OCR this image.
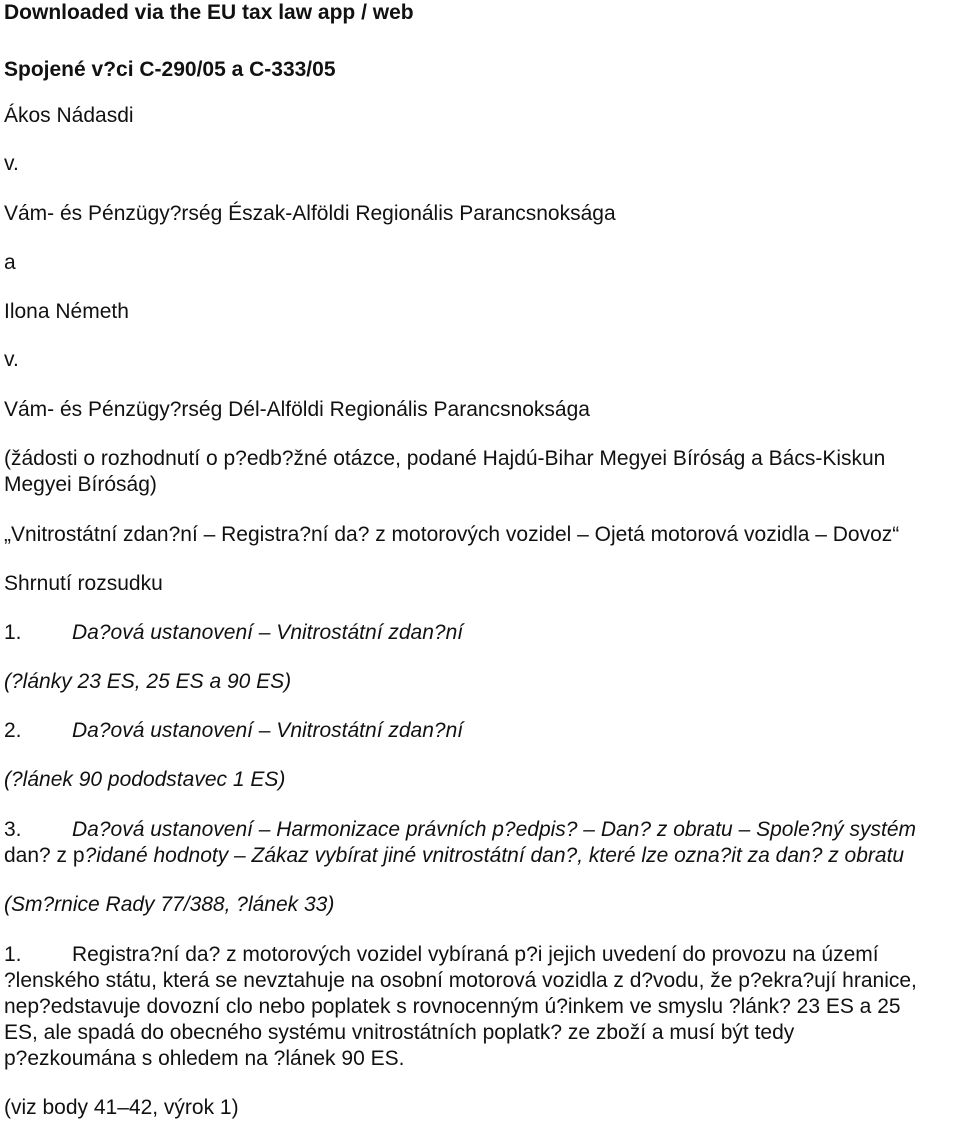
Downloaded via the EU tax law app / web
Spojené v?ci C-290/05 a C-333/05
Ákos Nádasdi
v.
Vám- és Pénzügy?rség Észak-Alföldi Regionális Parancsnoksága
a
Ilona Németh
v.
Vám- és Pénzügy?rség Dél-Alföldi Regionális Parancsnoksága
(žádosti o rozhodnutí o p?edb?žné otázce, podané Hajdú-Bihar Megyei Bíróság a Bács-Kiskun
Megyei Bíróság)
„Vnitrostátní zdan?ní – Registra?ní da? z motorových vozidel – Ojetá motorová vozidla – Dovoz“
Shrnutí rozsudku
1. Da?ová ustanovení – Vnitrostátní zdan?ní
(?lánky 23 ES, 25 ES a 90 ES)
2. Da?ová ustanovení – Vnitrostátní zdan?ní
(?lánek 90 pododstavec 1 ES)
3. Da?ová ustanovení – Harmonizace právních p?edpis? – Dan? z obratu – Spole?ný systém
dan? z p?idané hodnoty – Zákaz vybírat jiné vnitrostátní dan?, které lze ozna?it za dan? z obratu
(Sm?rnice Rady 77/388, ?lánek 33)
1. Registra?ní da? z motorových vozidel vybíraná p?i jejich uvedení do provozu na území
?lenského státu, která se nevztahuje na osobní motorová vozidla z d?vodu, že p?ekra?ují hranice,
nep?edstavuje dovozní clo nebo poplatek s rovnocenným ú?inkem ve smyslu ?lánk? 23 ES a 25
ES, ale spadá do obecného systému vnitrostátních poplatk? ze zboží a musí být tedy
p?ezkoumána s ohledem na ?lánek 90 ES.
(viz body 41–42, výrok 1)
